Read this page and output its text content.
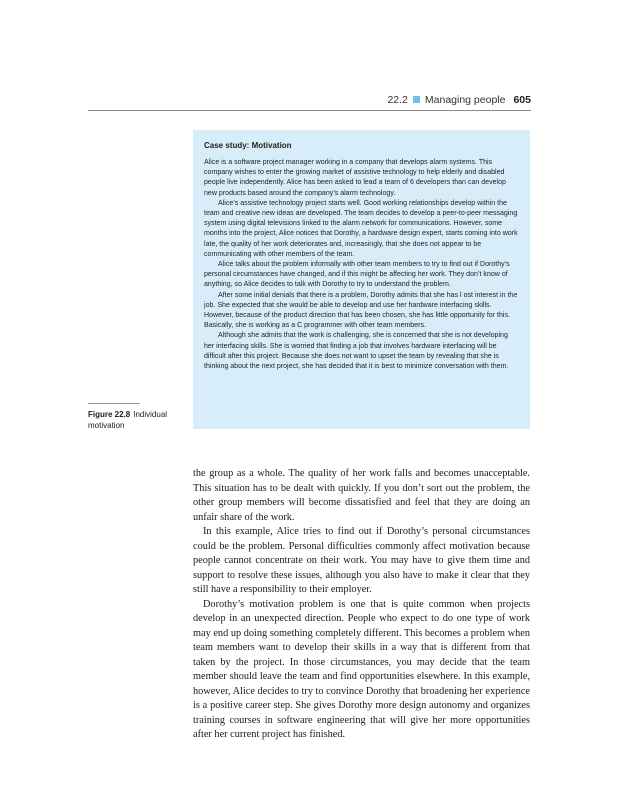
22.2 Managing people 605
Case study: Motivation

Alice is a software project manager working in a company that develops alarm systems. This company wishes to enter the growing market of assistive technology to help elderly and disabled people live independently. Alice has been asked to lead a team of 6 developers than can develop new products based around the company’s alarm technology.

Alice’s assistive technology project starts well. Good working relationships develop within the team and creative new ideas are developed. The team decides to develop a peer-to-peer messaging system using digital televisions linked to the alarm network for communications. However, some months into the project, Alice notices that Dorothy, a hardware design expert, starts coming into work late, the quality of her work deteriorates and, increasingly, that she does not appear to be communicating with other members of the team.

Alice talks about the problem informally with other team members to try to find out if Dorothy’s personal circumstances have changed, and if this might be affecting her work. They don’t know of anything, so Alice decides to talk with Dorothy to try to understand the problem.

After some initial denials that there is a problem, Dorothy admits that she has l ost interest in the job. She expected that she would be able to develop and use her hardware interfacing skills. However, because of the product direction that has been chosen, she has little opportunity for this. Basically, she is working as a C programmer with other team members.

Although she admits that the work is challenging, she is concerned that she is not developing her interfacing skills. She is worried that finding a job that involves hardware interfacing will be difficult after this project. Because she does not want to upset the team by revealing that she is thinking about the next project, she has decided that it is best to minimize conversation with them.

Figure 22.8 Individual motivation

the group as a whole. The quality of her work falls and becomes unacceptable. This situation has to be dealt with quickly. If you don’t sort out the problem, the other group members will become dissatisfied and feel that they are doing an unfair share of the work.

In this example, Alice tries to find out if Dorothy’s personal circumstances could be the problem. Personal difficulties commonly affect motivation because people cannot concentrate on their work. You may have to give them time and support to resolve these issues, although you also have to make it clear that they still have a responsibility to their employer.

Dorothy’s motivation problem is one that is quite common when projects develop in an unexpected direction. People who expect to do one type of work may end up doing something completely different. This becomes a problem when team members want to develop their skills in a way that is different from that taken by the project. In those circumstances, you may decide that the team member should leave the team and find opportunities elsewhere. In this example, however, Alice decides to try to convince Dorothy that broadening her experience is a positive career step. She gives Dorothy more design autonomy and organizes training courses in software engineering that will give her more opportunities after her current project has finished.
